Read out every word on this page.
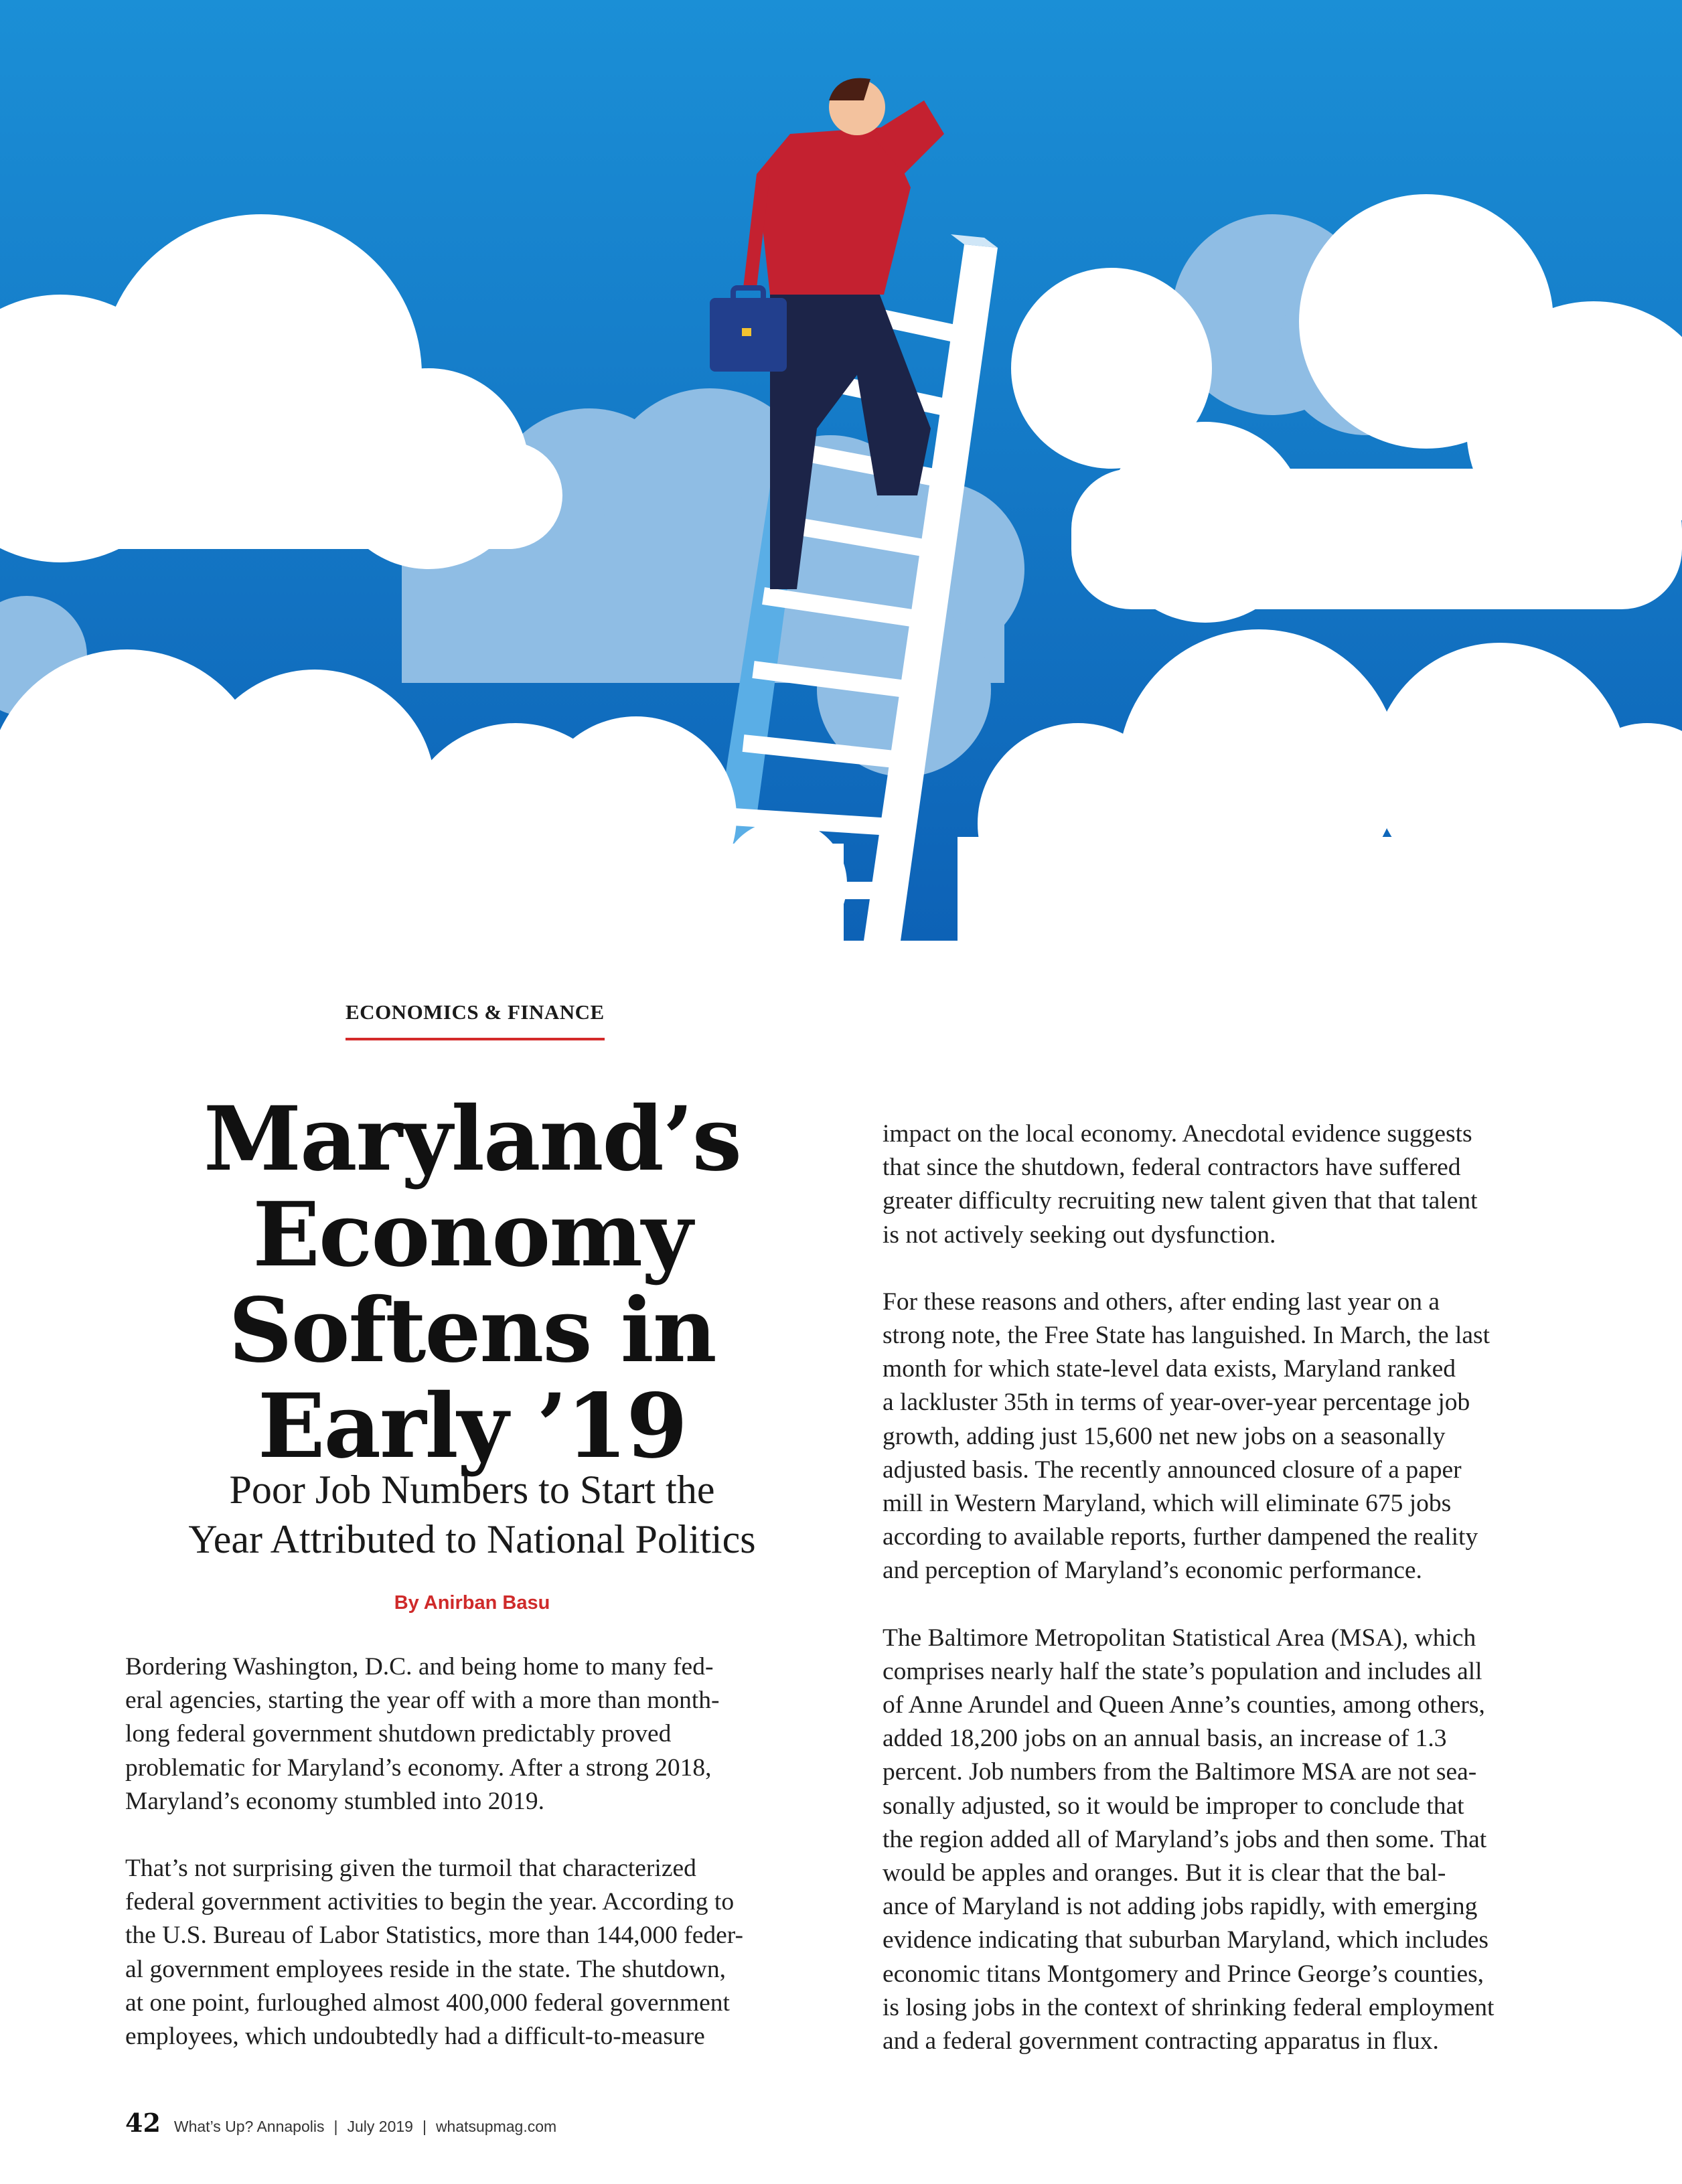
ECONOMICS & FINANCE
Maryland’s
Economy
Softens in
Early ’19
Poor Job Numbers to Start the
Year Attributed to National Politics
By Anirban Basu

Bordering Washington, D.C. and being home to many fed-
eral agencies, starting the year off with a more than month-
long federal government shutdown predictably proved
problematic for Maryland’s economy. After a strong 2018,
Maryland’s economy stumbled into 2019.

That’s not surprising given the turmoil that characterized
federal government activities to begin the year. According to
the U.S. Bureau of Labor Statistics, more than 144,000 feder-
al government employees reside in the state. The shutdown,
at one point, furloughed almost 400,000 federal government
employees, which undoubtedly had a difficult-to-measure

impact on the local economy. Anecdotal evidence suggests
that since the shutdown, federal contractors have suffered
greater difficulty recruiting new talent given that that talent
is not actively seeking out dysfunction.

For these reasons and others, after ending last year on a
strong note, the Free State has languished. In March, the last
month for which state-level data exists, Maryland ranked
a lackluster 35th in terms of year-over-year percentage job
growth, adding just 15,600 net new jobs on a seasonally
adjusted basis. The recently announced closure of a paper
mill in Western Maryland, which will eliminate 675 jobs
according to available reports, further dampened the reality
and perception of Maryland’s economic performance.

The Baltimore Metropolitan Statistical Area (MSA), which
comprises nearly half the state’s population and includes all
of Anne Arundel and Queen Anne’s counties, among others,
added 18,200 jobs on an annual basis, an increase of 1.3
percent. Job numbers from the Baltimore MSA are not sea-
sonally adjusted, so it would be improper to conclude that
the region added all of Maryland’s jobs and then some. That
would be apples and oranges. But it is clear that the bal-
ance of Maryland is not adding jobs rapidly, with emerging
evidence indicating that suburban Maryland, which includes
economic titans Montgomery and Prince George’s counties,
is losing jobs in the context of shrinking federal employment
and a federal government contracting apparatus in flux.

42 What’s Up? Annapolis | July 2019 | whatsupmag.com
